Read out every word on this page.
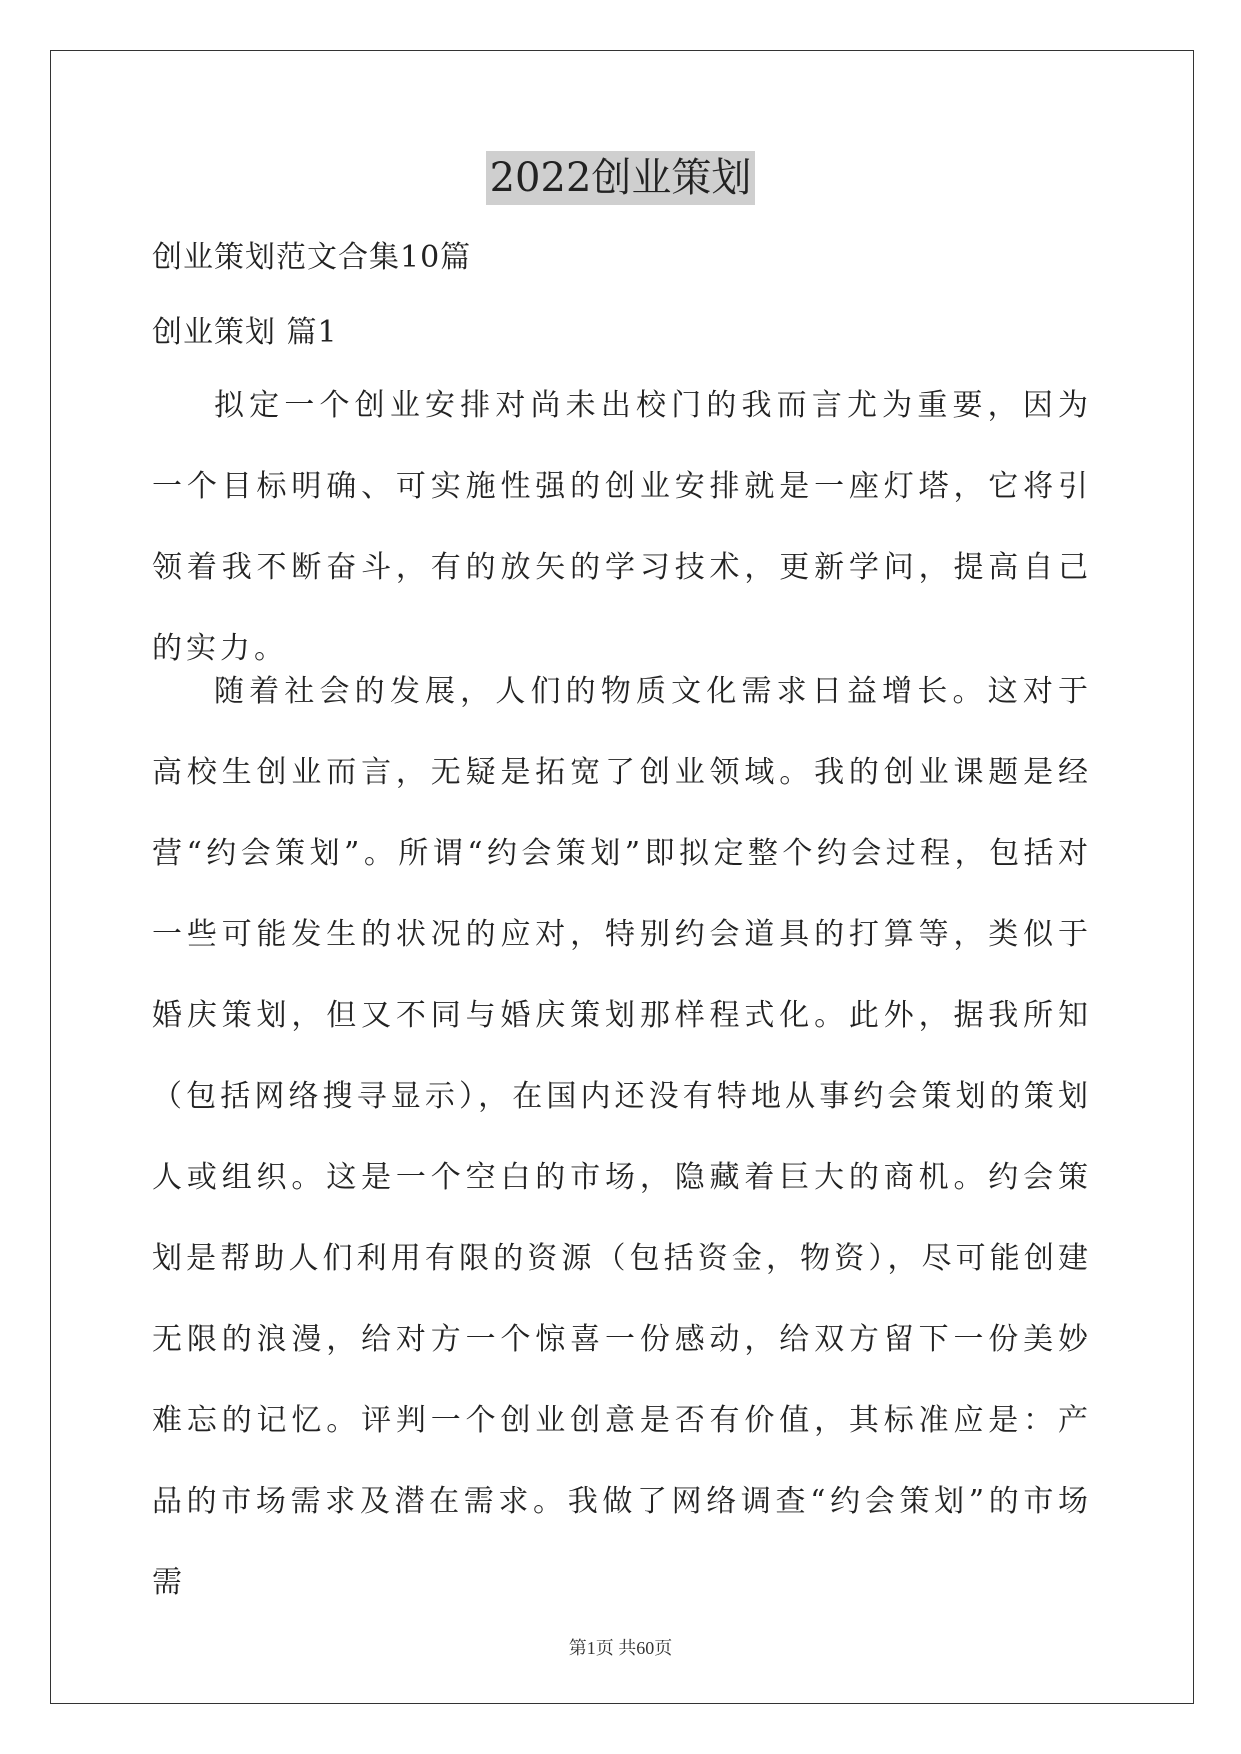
2022创业策划
创业策划范文合集10篇
创业策划 篇1

拟定一个创业安排对尚未出校门的我而言尤为重要，因为一个目标明确、可实施性强的创业安排就是一座灯塔，它将引领着我不断奋斗，有的放矢的学习技术，更新学问，提高自己的实力。

随着社会的发展，人们的物质文化需求日益增长。这对于高校生创业而言，无疑是拓宽了创业领域。我的创业课题是经营“约会策划”。所谓“约会策划”即拟定整个约会过程，包括对一些可能发生的状况的应对，特别约会道具的打算等，类似于婚庆策划，但又不同与婚庆策划那样程式化。此外，据我所知（包括网络搜寻显示），在国内还没有特地从事约会策划的策划人或组织。这是一个空白的市场，隐藏着巨大的商机。约会策划是帮助人们利用有限的资源（包括资金，物资），尽可能创建无限的浪漫，给对方一个惊喜一份感动，给双方留下一份美妙难忘的记忆。评判一个创业创意是否有价值，其标准应是：产品的市场需求及潜在需求。我做了网络调查“约会策划”的市场需

第1页 共60页
